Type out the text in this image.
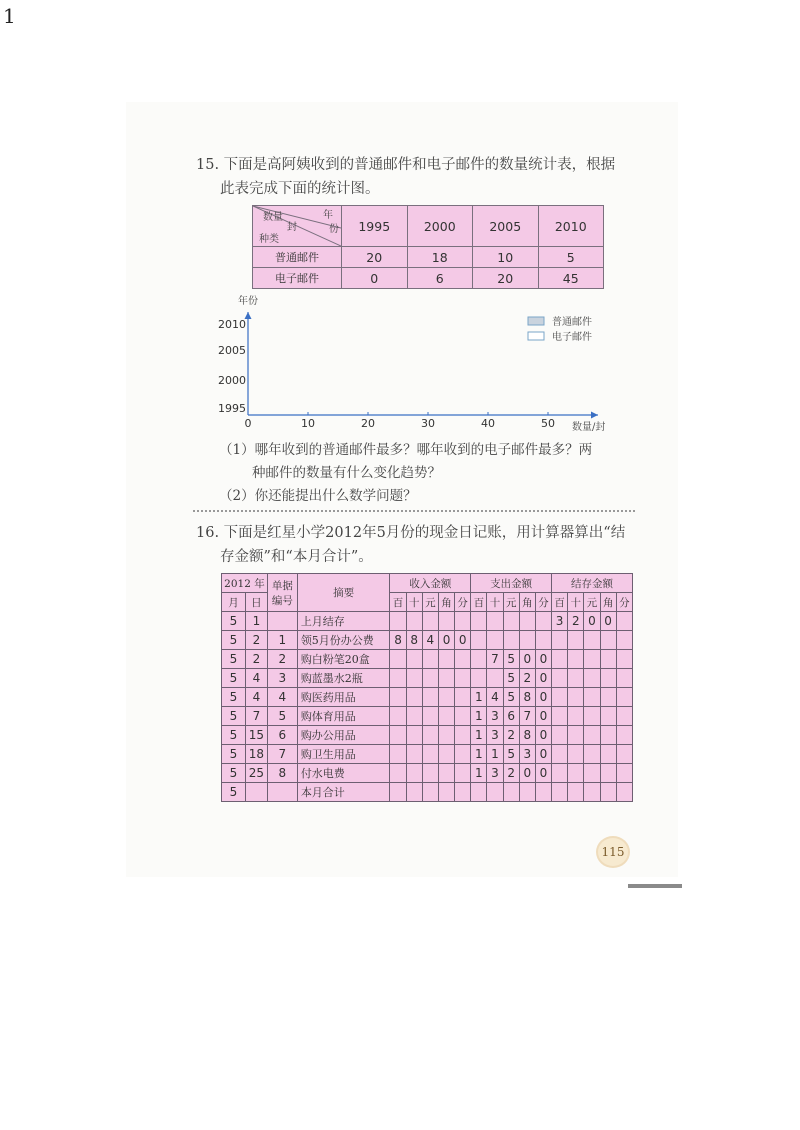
1
15. 下面是高阿姨收到的普通邮件和电子邮件的数量统计表，根据
此表完成下面的统计图。
数量
封
年
份
种类	1995	2000	2005	2010
普通邮件	20	18	10	5
电子邮件	0	6	20	45
年份
1995
2000
2005
2010
0	10	20	30	40	50 数量/封
普通邮件
电子邮件
（1）哪年收到的普通邮件最多？哪年收到的电子邮件最多？两
种邮件的数量有什么变化趋势？
（2）你还能提出什么数学问题？
16. 下面是红星小学2012年5月份的现金日记账，用计算器算出“结
存金额”和“本月合计”。
2012 年		单据编号	摘要	收入金额					支出金额					结存金额				
月	日			百	十	元	角	分	百	十	元	角	分	百	十	元	角	分
5	1		上月结存											3	2	0	0	
5	2	1	领5月份办公费	8	8	4	0	0										
5	2	2	购白粉笔20盒							7	5	0	0					
5	4	3	购蓝墨水2瓶								5	2	0					
5	4	4	购医药用品						1	4	5	8	0					
5	7	5	购体育用品						1	3	6	7	0					
5	15	6	购办公用品						1	3	2	8	0					
5	18	7	购卫生用品						1	1	5	3	0					
5	25	8	付水电费						1	3	2	0	0					
5			本月合计															
115
